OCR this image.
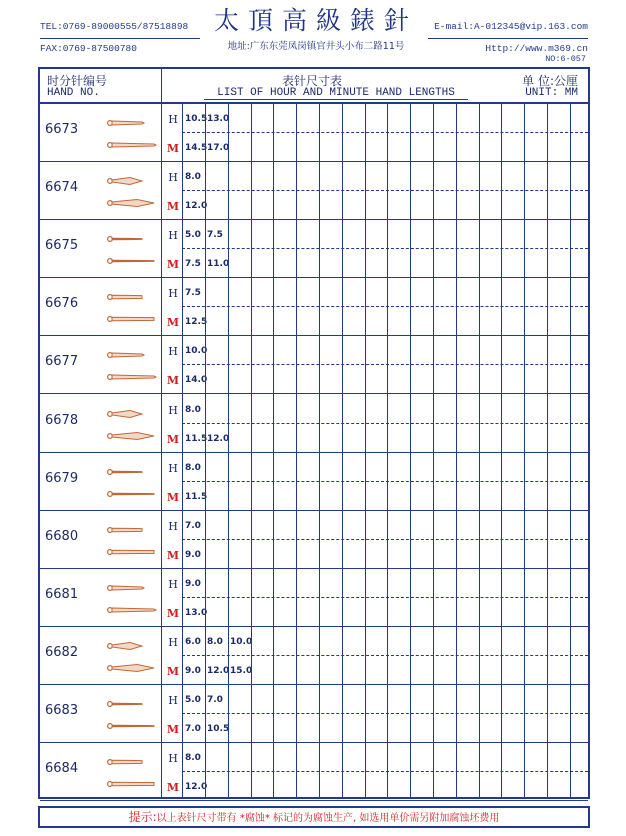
TEL:0769-89000555/87518898
FAX:0769-87500780
太頂高級錶針
地址:广东东莞凤岗镇官井头小布二路11号
E-mail:A-012345@vip.163.com
Http://www.m369.cn
NO:6-057
时分针编号
HAND NO.
表针尺寸表
LIST OF HOUR AND MINUTE HAND LENGTHS
单 位:公厘
UNIT: MM
6673
H
M
10.5 13.0
14.5 17.0
6674
H
M
8.0
12.0
6675
H
M
5.0 7.5
7.5 11.0
6676
H
M
7.5
12.5
6677
H
M
10.0
14.0
6678
H
M
8.0
11.5 12.0
6679
H
M
8.0
11.5
6680
H
M
7.0
9.0
6681
H
M
9.0
13.0
6682
H
M
6.0 8.0 10.0
9.0 12.0 15.0
6683
H
M
5.0 7.0
7.0 10.5
6684
H
M
8.0
12.0
提示:以上表针尺寸带有 *腐蚀* 标记的为腐蚀生产, 如选用单价需另附加腐蚀坯费用
